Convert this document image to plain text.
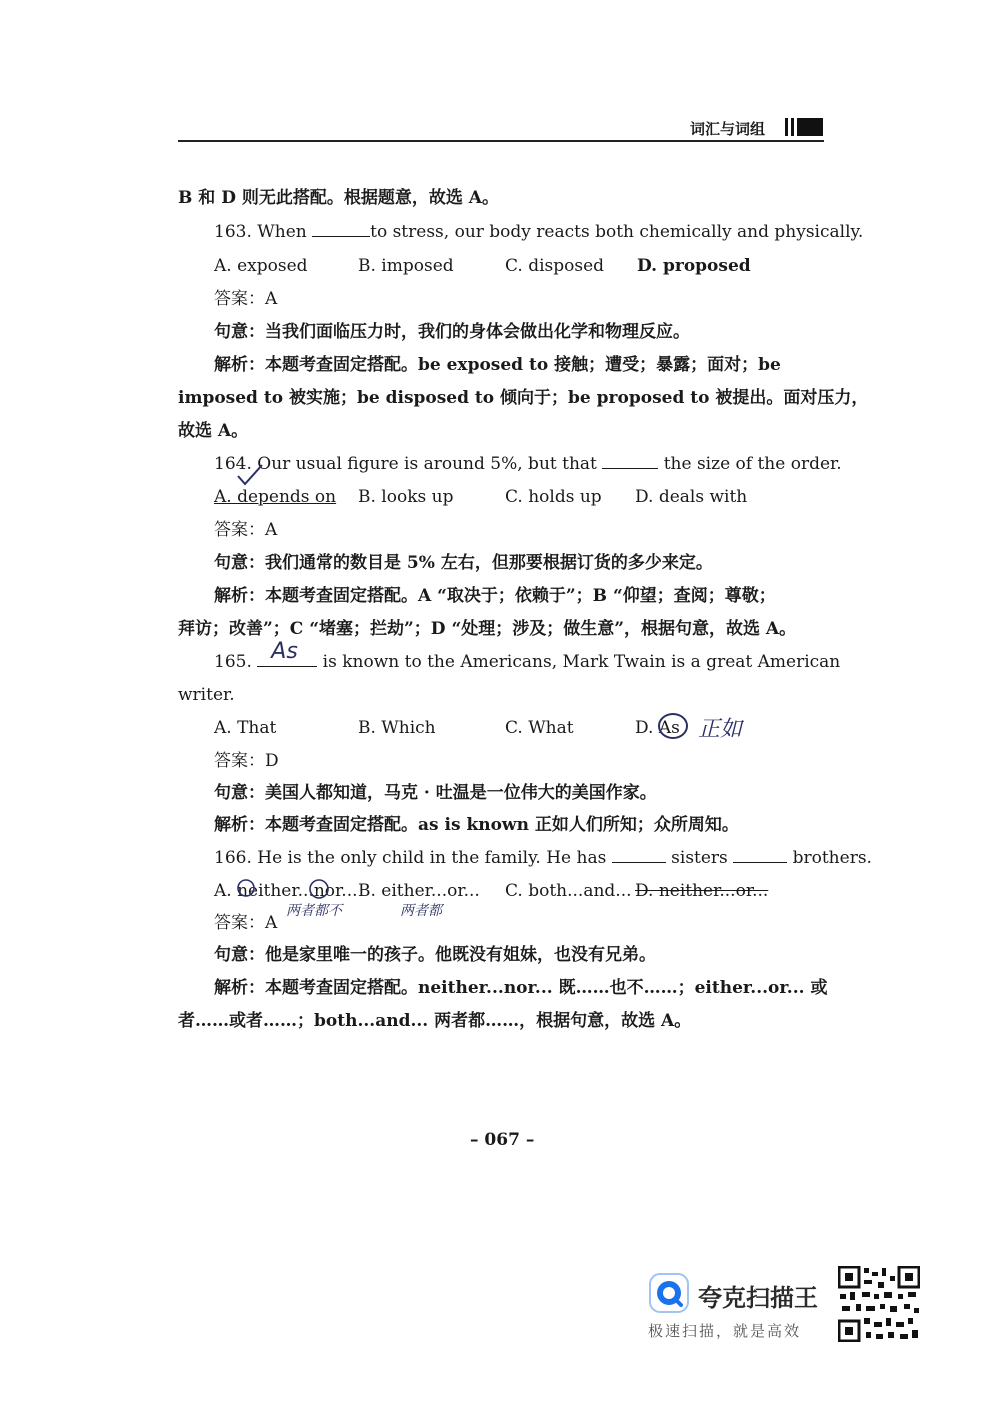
词汇与词组
B 和 D 则无此搭配。根据题意，故选 A。
163. When	to stress, our body reacts both chemically and physically.
A. exposed	B. imposed	C. disposed D. proposed
答案：A
句意：当我们面临压力时，我们的身体会做出化学和物理反应。
解析：本题考查固定搭配。be exposed to 接触；遭受；暴露；面对；be
imposed to 被实施；be disposed to 倾向于；be proposed to 被提出。面对压力，
故选 A。
164. Our usual figure is around 5%, but that	the size of the order.
A. depends on B. looks up	C. holds up D. deals with
答案：A
句意：我们通常的数目是 5% 左右，但那要根据订货的多少来定。
解析：本题考查固定搭配。A “取决于；依赖于”；B “仰望；查阅；尊敬；
拜访；改善”；C “堵塞；拦劫”；D “处理；涉及；做生意”，根据句意，故选 A。
165. As is known to the Americans, Mark Twain is a great American
writer.
A. That	B. Which	C. What	D. As 正如
答案：D
句意：美国人都知道，马克 · 吐温是一位伟大的美国作家。
解析：本题考查固定搭配。as is known 正如人们所知；众所周知。
166. He is the only child in the family. He has	sisters	brothers.
A. neither...nor... B. either...or... C. both...and... D. neither...or...
两者都不	两者都
答案：A
句意：他是家里唯一的孩子。他既没有姐妹，也没有兄弟。
解析：本题考查固定搭配。neither...nor... 既……也不……；either...or... 或
者……或者……；both...and... 两者都……，根据句意，故选 A。
– 067 –
夸克扫描王
极速扫描，就是高效
